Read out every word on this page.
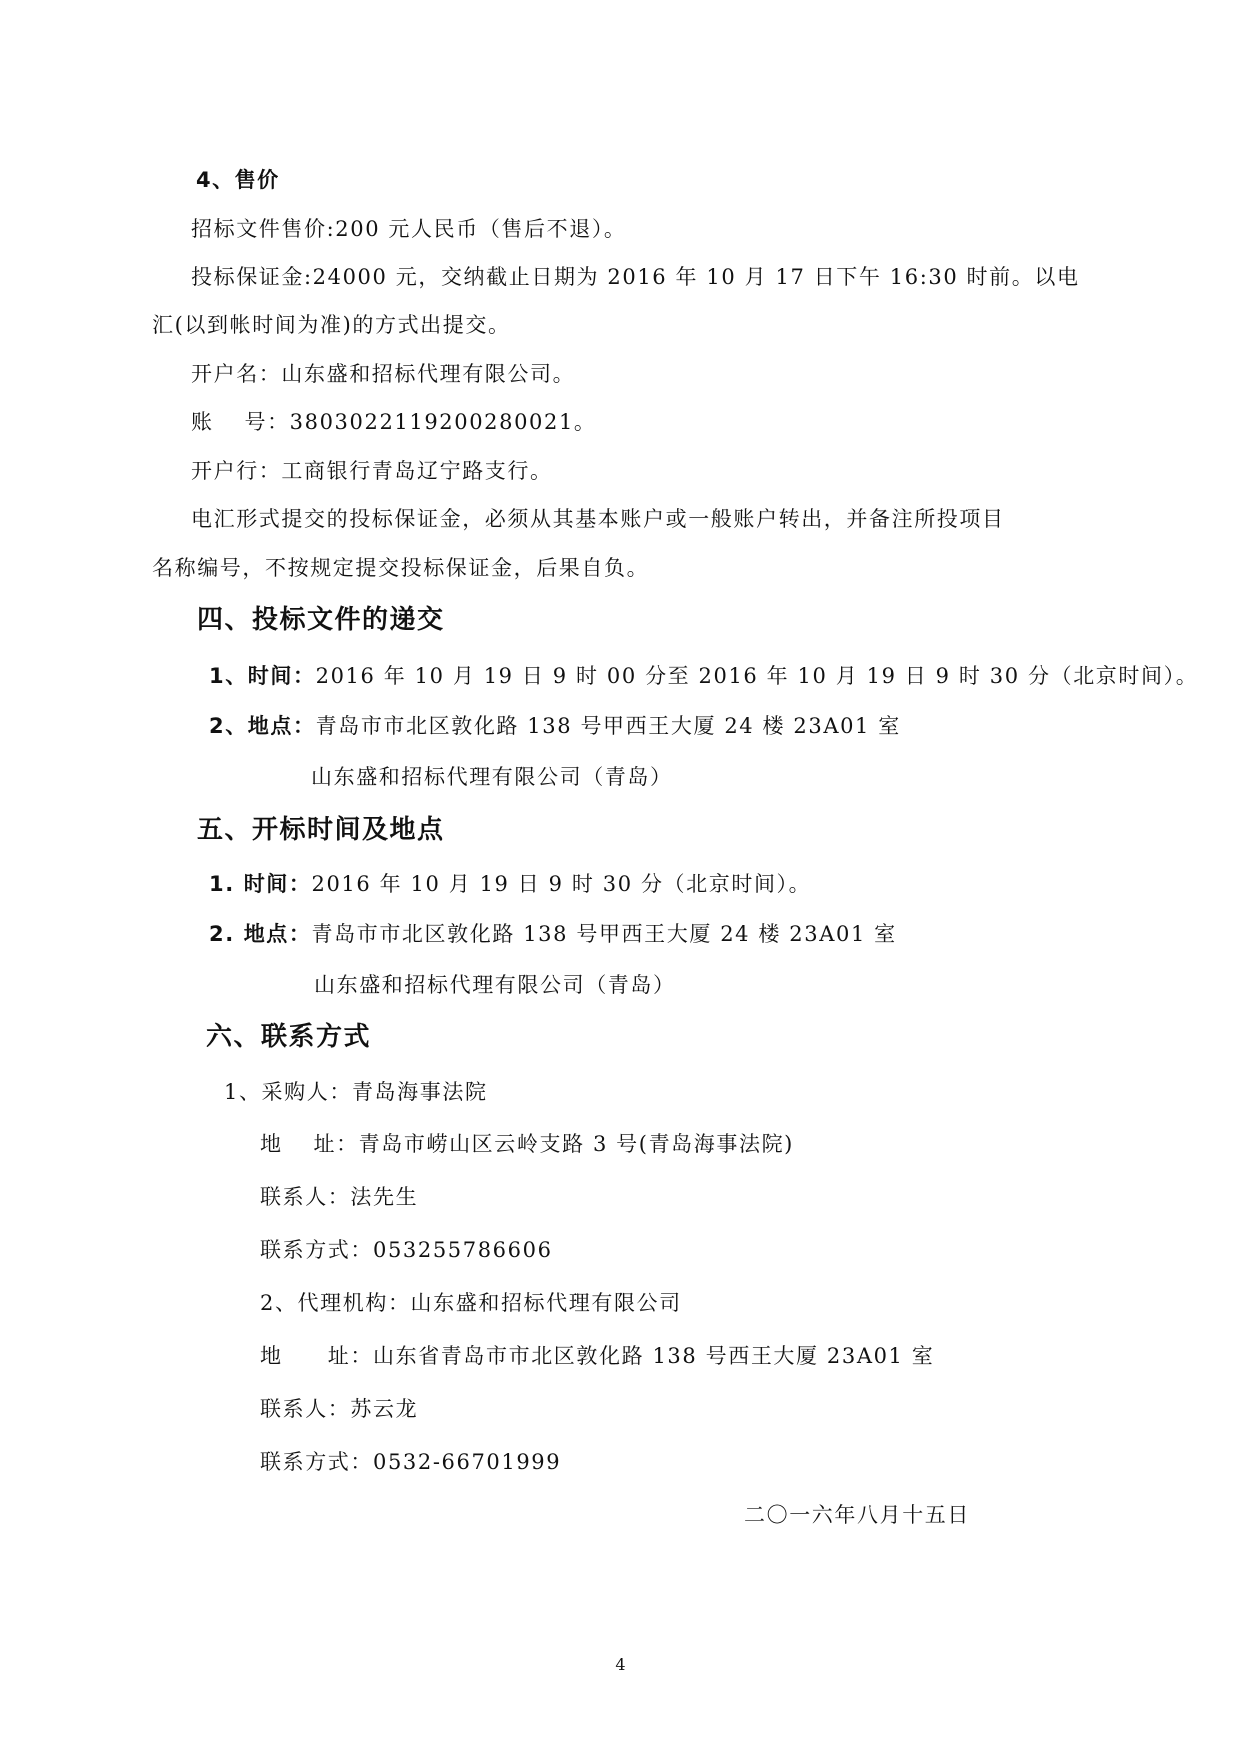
4、售价
招标文件售价:200 元人民币（售后不退）。
投标保证金:24000 元，交纳截止日期为 2016 年 10 月 17 日下午 16:30 时前。以电
汇(以到帐时间为准)的方式出提交。
开户名：山东盛和招标代理有限公司。
账　 号：3803022119200280021。
开户行：工商银行青岛辽宁路支行。
电汇形式提交的投标保证金，必须从其基本账户或一般账户转出，并备注所投项目
名称编号，不按规定提交投标保证金，后果自负。
四、投标文件的递交
1、时间：2016 年 10 月 19 日 9 时 00 分至 2016 年 10 月 19 日 9 时 30 分（北京时间）。
2、地点：青岛市市北区敦化路 138 号甲西王大厦 24 楼 23A01 室
山东盛和招标代理有限公司（青岛）
五、开标时间及地点
1. 时间：2016 年 10 月 19 日 9 时 30 分（北京时间）。
2. 地点：青岛市市北区敦化路 138 号甲西王大厦 24 楼 23A01 室
山东盛和招标代理有限公司（青岛）
六、联系方式
1、采购人：青岛海事法院
地　 址：青岛市崂山区云岭支路 3 号(青岛海事法院)
联系人：法先生
联系方式：053255786606
2、代理机构：山东盛和招标代理有限公司
地　　址：山东省青岛市市北区敦化路 138 号西王大厦 23A01 室
联系人：苏云龙
联系方式：0532-66701999
二〇一六年八月十五日
4
